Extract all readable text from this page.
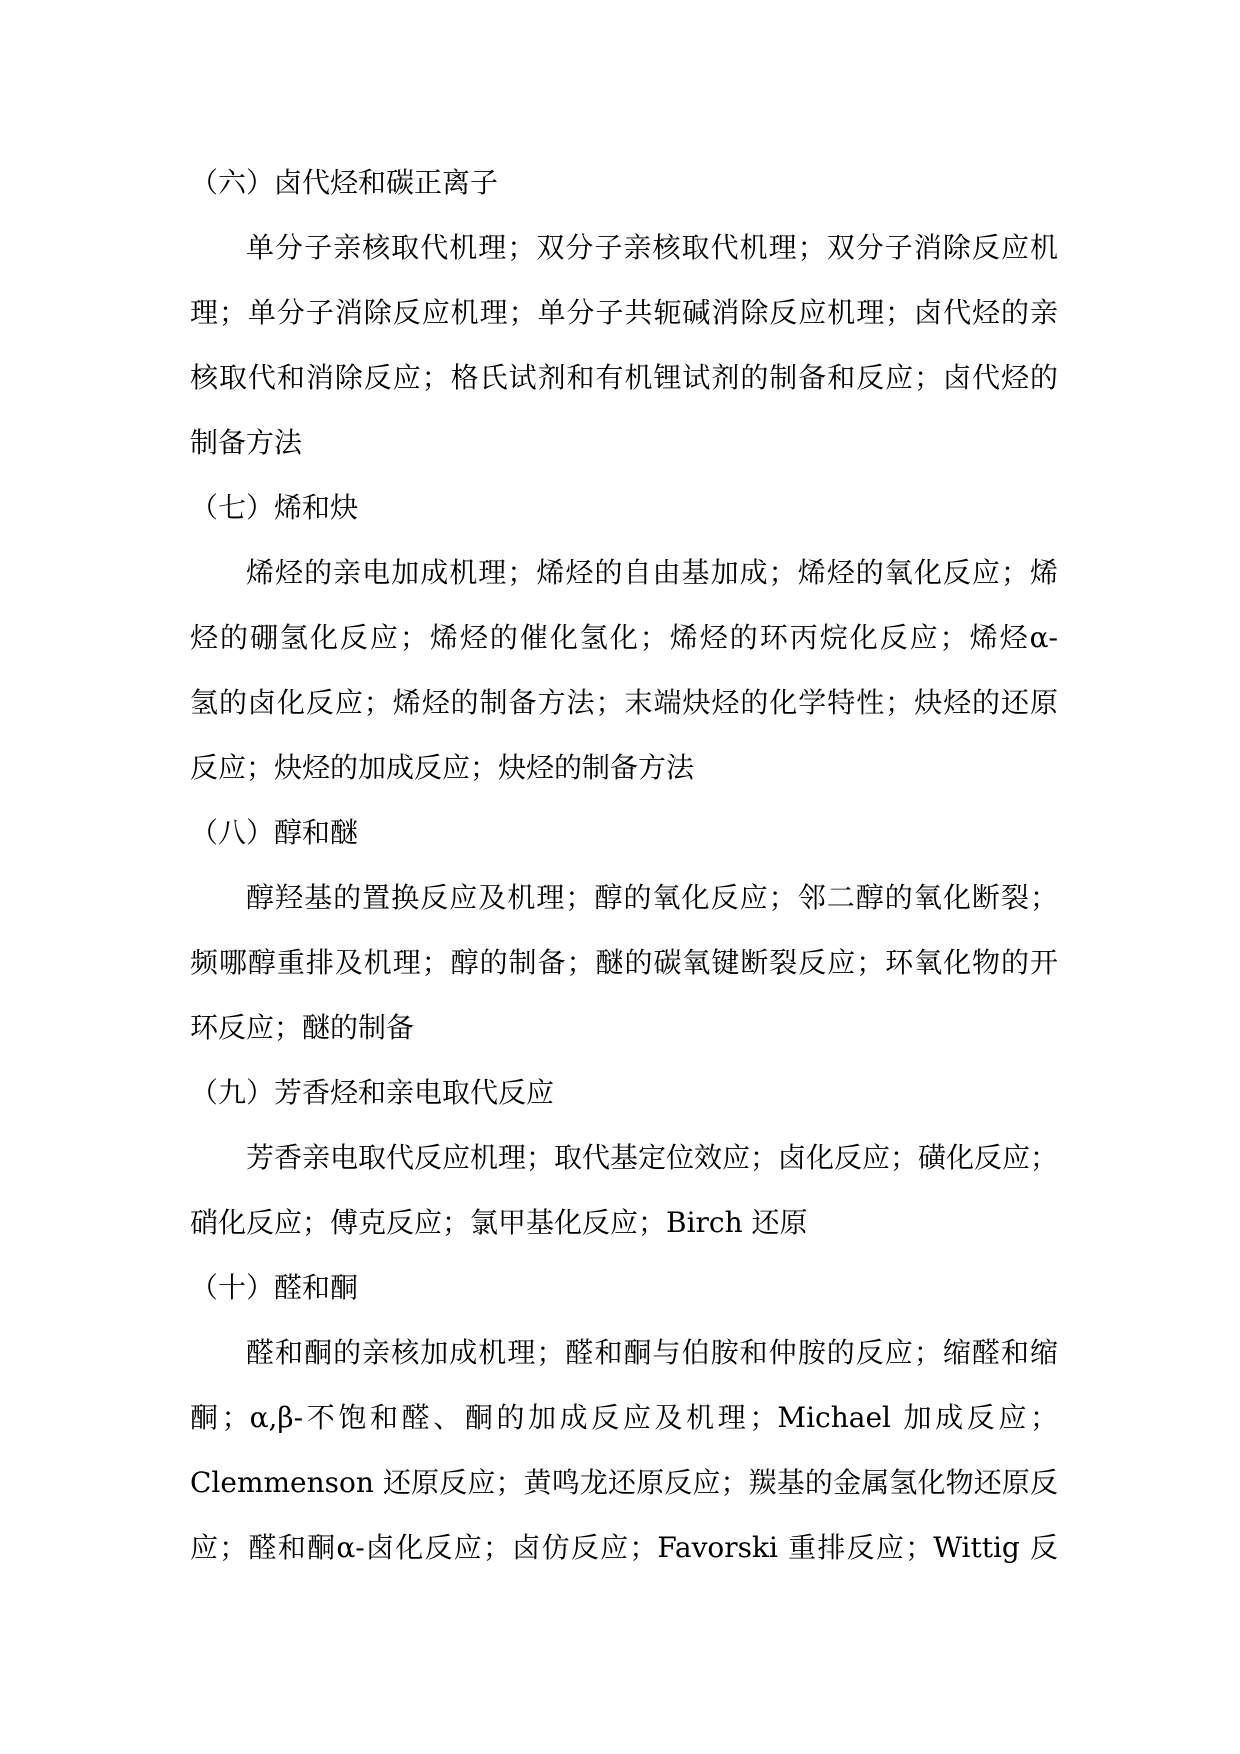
（六）卤代烃和碳正离子
单分子亲核取代机理；双分子亲核取代机理；双分子消除反应机
理；单分子消除反应机理；单分子共轭碱消除反应机理；卤代烃的亲
核取代和消除反应；格氏试剂和有机锂试剂的制备和反应；卤代烃的
制备方法
（七）烯和炔
烯烃的亲电加成机理；烯烃的自由基加成；烯烃的氧化反应；烯
烃的硼氢化反应；烯烃的催化氢化；烯烃的环丙烷化反应；烯烃α-
氢的卤化反应；烯烃的制备方法；末端炔烃的化学特性；炔烃的还原
反应；炔烃的加成反应；炔烃的制备方法
（八）醇和醚
醇羟基的置换反应及机理；醇的氧化反应；邻二醇的氧化断裂；
频哪醇重排及机理；醇的制备；醚的碳氧键断裂反应；环氧化物的开
环反应；醚的制备
（九）芳香烃和亲电取代反应
芳香亲电取代反应机理；取代基定位效应；卤化反应；磺化反应；
硝化反应；傅克反应；氯甲基化反应；Birch 还原
（十）醛和酮
醛和酮的亲核加成机理；醛和酮与伯胺和仲胺的反应；缩醛和缩
酮；α,β-不饱和醛、酮的加成反应及机理；Michael 加成反应；
Clemmenson 还原反应；黄鸣龙还原反应；羰基的金属氢化物还原反
应；醛和酮α-卤化反应；卤仿反应；Favorski 重排反应；Wittig 反
